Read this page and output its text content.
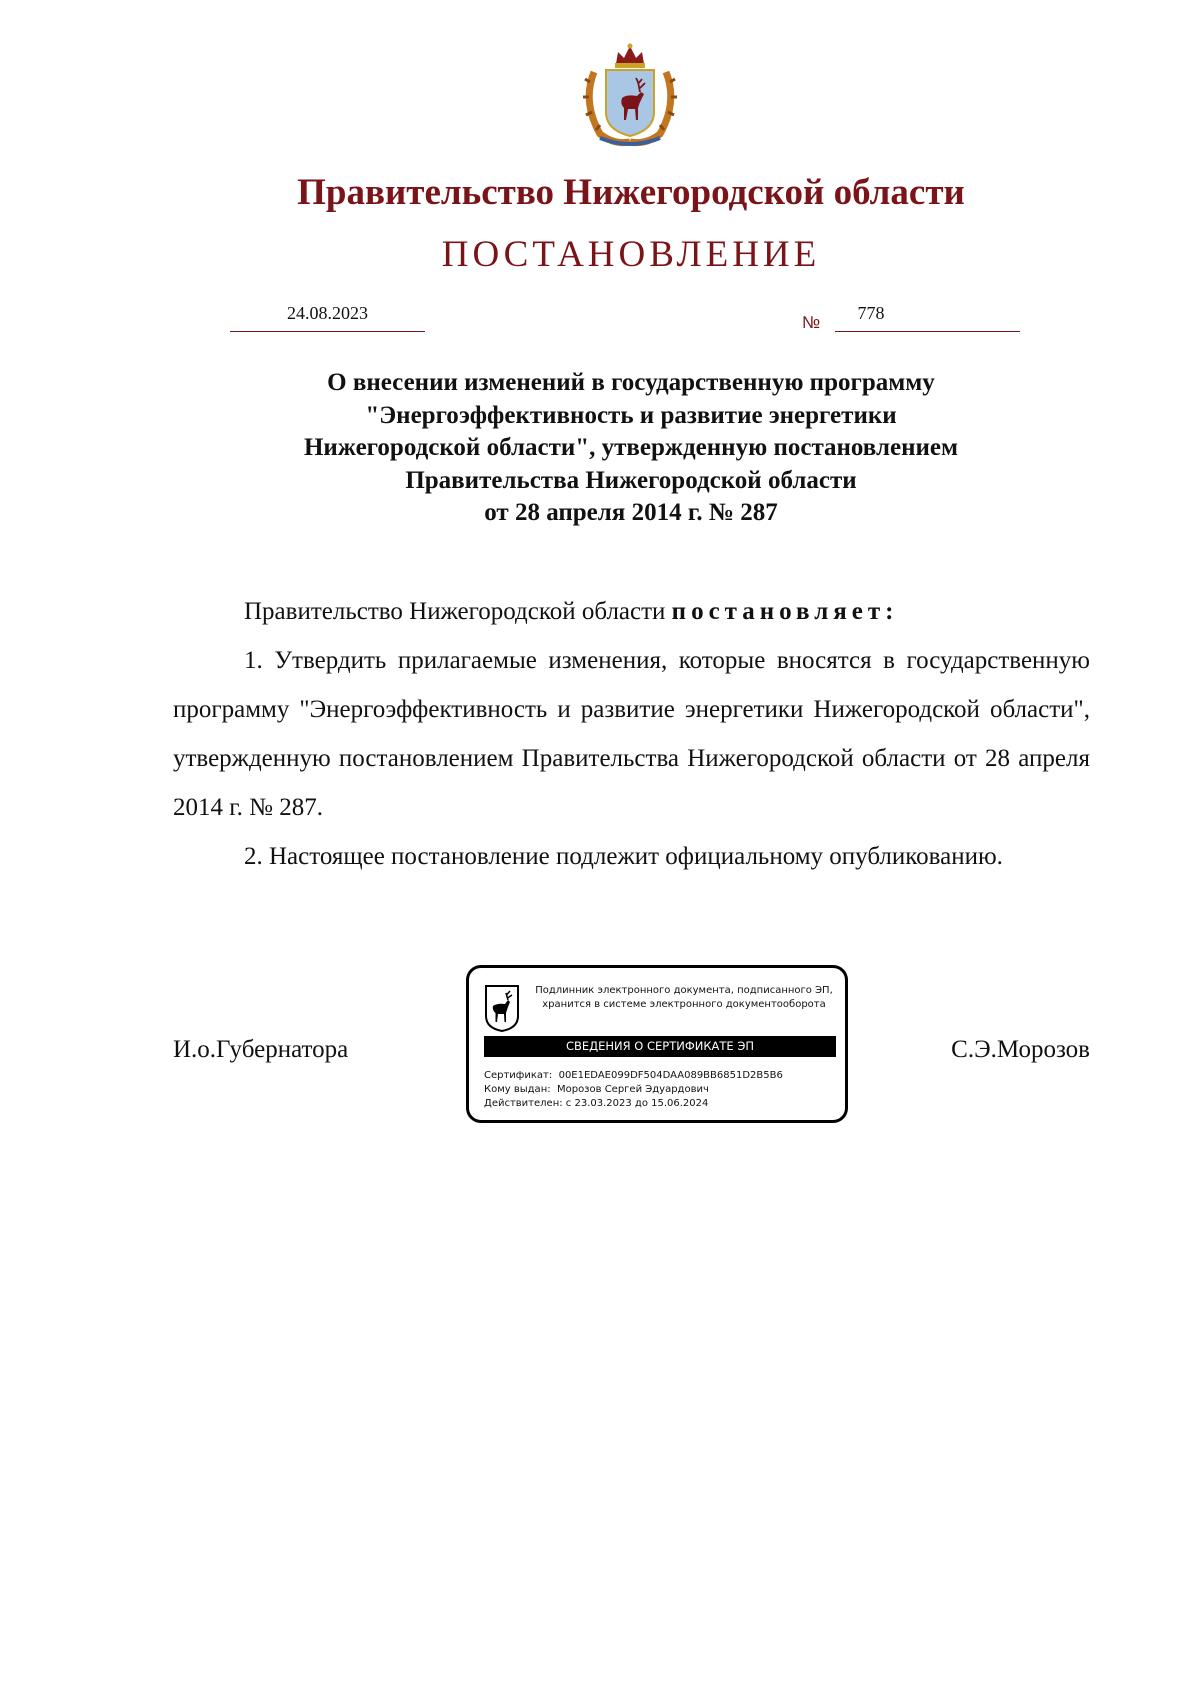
Правительство Нижегородской области
ПОСТАНОВЛЕНИЕ
24.08.2023	№	778
О внесении изменений в государственную программу
"Энергоэффективность и развитие энергетики
Нижегородской области", утвержденную постановлением
Правительства Нижегородской области
от 28 апреля 2014 г. № 287
Правительство Нижегородской области постановляет:
1. Утвердить прилагаемые изменения, которые вносятся в государственную программу "Энергоэффективность и развитие энергетики Нижегородской области", утвержденную постановлением Правительства Нижегородской области от 28 апреля 2014 г. № 287.
2. Настоящее постановление подлежит официальному опубликованию.
И.о.Губернатора	С.Э.Морозов
Подлинник электронного документа, подписанного ЭП,
хранится в системе электронного документооборота
СВЕДЕНИЯ О СЕРТИФИКАТЕ ЭП
Сертификат: 00E1EDAE099DF504DAA089BB6851D2B5B6
Кому выдан: Морозов Сергей Эдуардович
Действителен: с 23.03.2023 до 15.06.2024
